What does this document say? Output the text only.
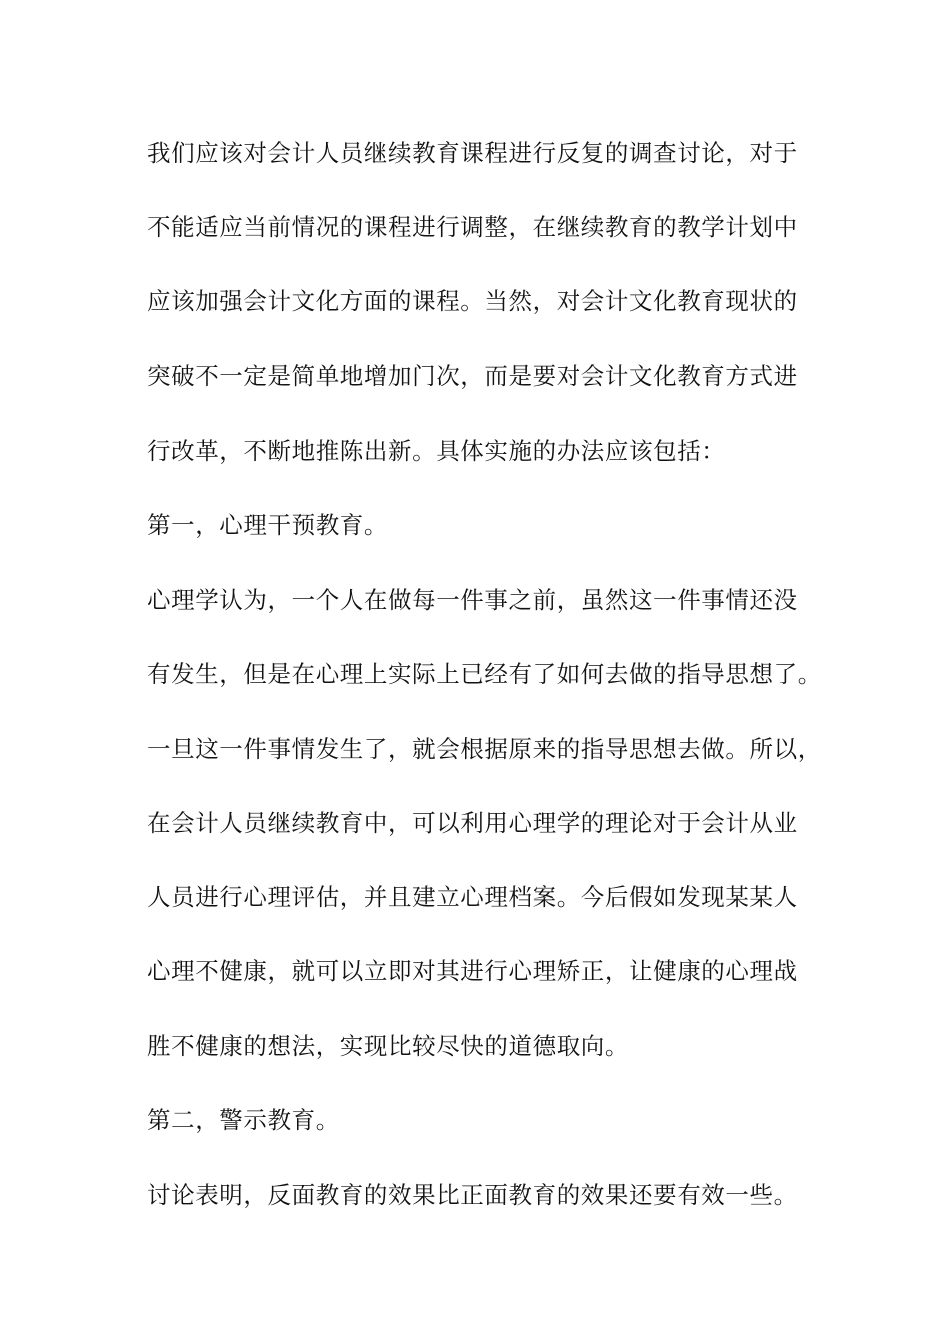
我们应该对会计人员继续教育课程进行反复的调查讨论，对于
不能适应当前情况的课程进行调整，在继续教育的教学计划中
应该加强会计文化方面的课程。当然，对会计文化教育现状的
突破不一定是简单地增加门次，而是要对会计文化教育方式进
行改革，不断地推陈出新。具体实施的办法应该包括：
第一，心理干预教育。
心理学认为，一个人在做每一件事之前，虽然这一件事情还没
有发生，但是在心理上实际上已经有了如何去做的指导思想了。
一旦这一件事情发生了，就会根据原来的指导思想去做。所以，
在会计人员继续教育中，可以利用心理学的理论对于会计从业
人员进行心理评估，并且建立心理档案。今后假如发现某某人
心理不健康，就可以立即对其进行心理矫正，让健康的心理战
胜不健康的想法，实现比较尽快的道德取向。
第二，警示教育。
讨论表明，反面教育的效果比正面教育的效果还要有效一些。
